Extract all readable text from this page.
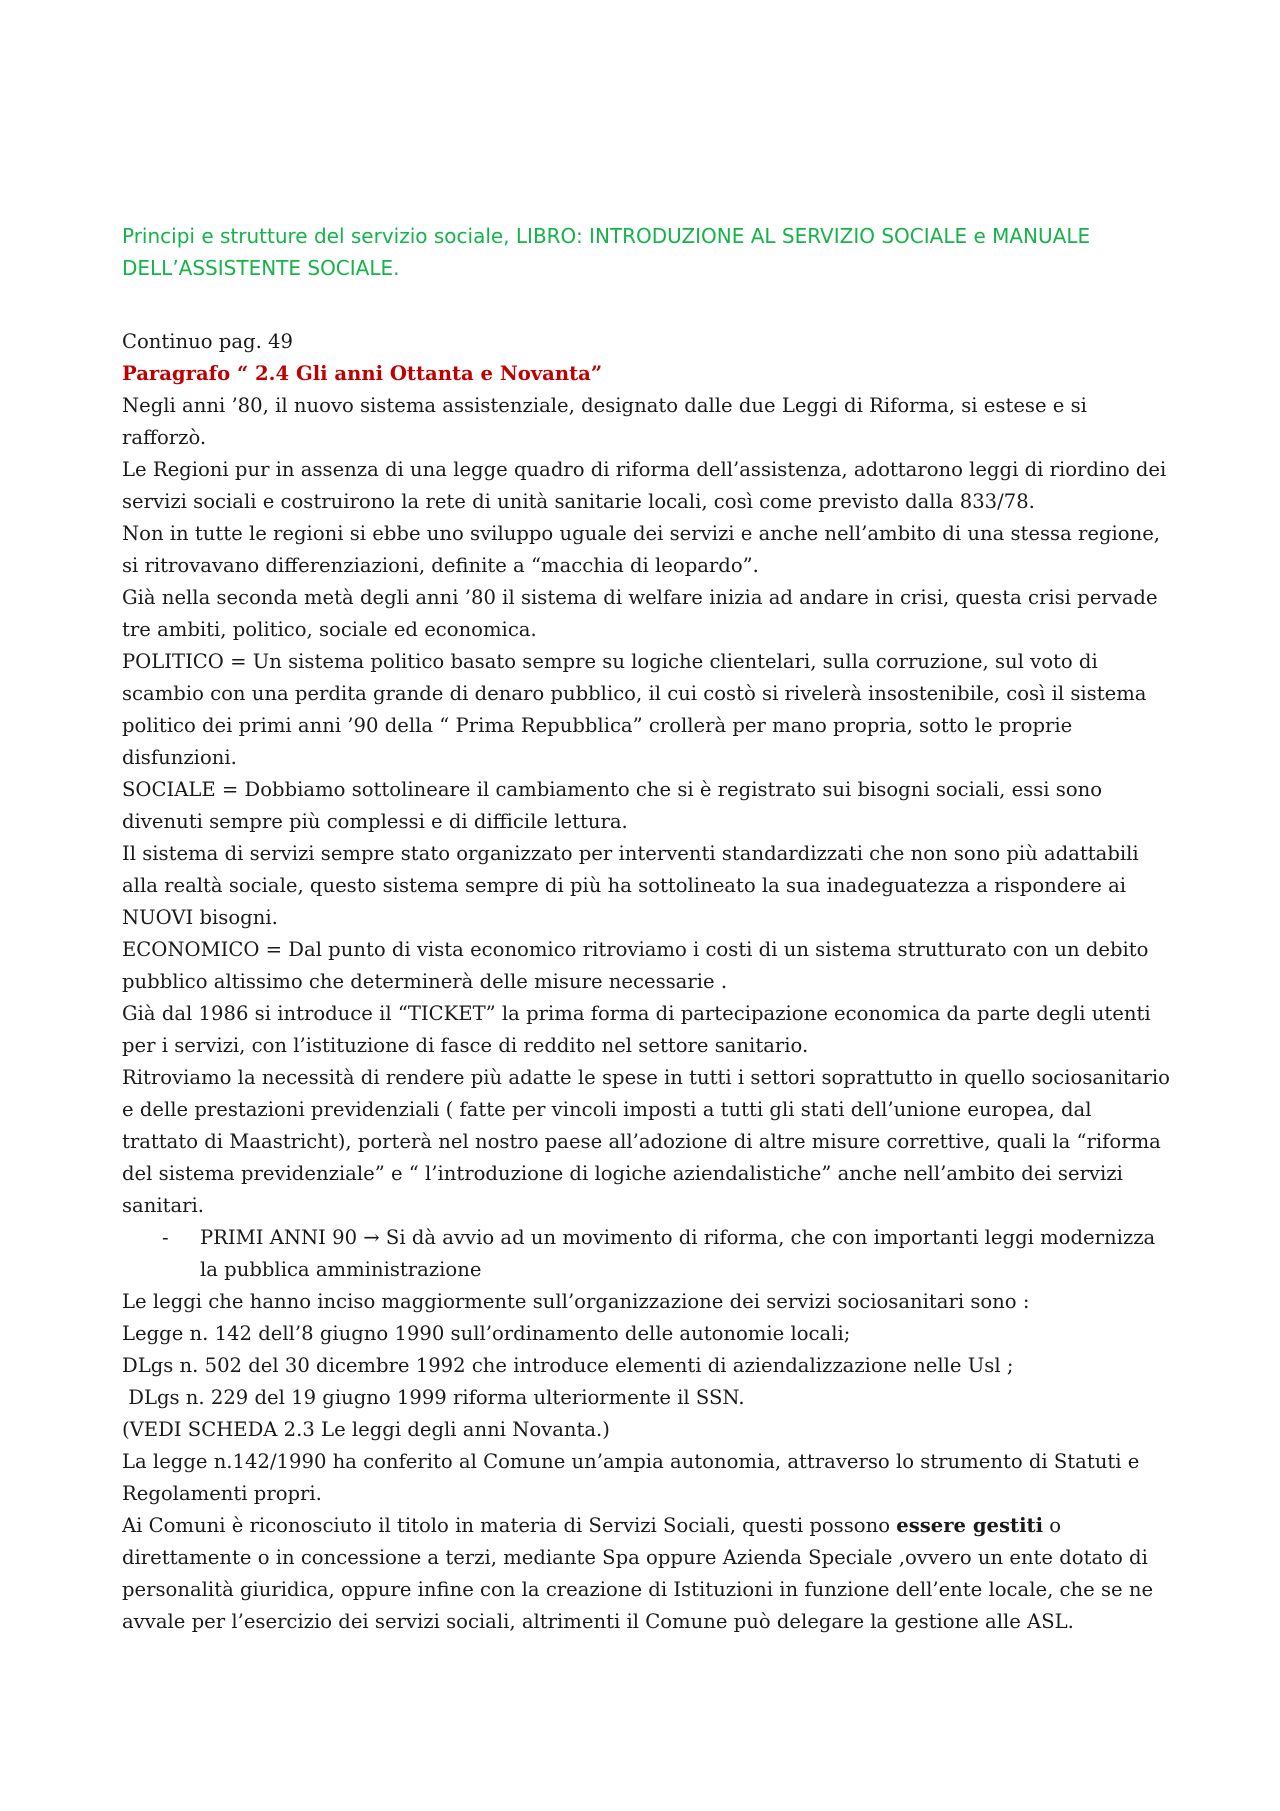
Principi e strutture del servizio sociale, LIBRO: INTRODUZIONE AL SERVIZIO SOCIALE e MANUALE DELL’ASSISTENTE SOCIALE.

Continuo pag. 49

Paragrafo “ 2.4 Gli anni Ottanta e Novanta”

Negli anni ’80, il nuovo sistema assistenziale, designato dalle due Leggi di Riforma, si estese e si rafforzò.

Le Regioni pur in assenza di una legge quadro di riforma dell’assistenza, adottarono leggi di riordino dei servizi sociali e costruirono la rete di unità sanitarie locali, così come previsto dalla 833/78.

Non in tutte le regioni si ebbe uno sviluppo uguale dei servizi e anche nell’ambito di una stessa regione, si ritrovavano differenziazioni, definite a “macchia di leopardo”.

Già nella seconda metà degli anni ’80 il sistema di welfare inizia ad andare in crisi, questa crisi pervade tre ambiti, politico, sociale ed economica.

POLITICO = Un sistema politico basato sempre su logiche clientelari, sulla corruzione, sul voto di scambio con una perdita grande di denaro pubblico, il cui costò si rivelerà insostenibile, così il sistema politico dei primi anni ’90 della “ Prima Repubblica” crollerà per mano propria, sotto le proprie disfunzioni.

SOCIALE = Dobbiamo sottolineare il cambiamento che si è registrato sui bisogni sociali, essi sono divenuti sempre più complessi e di difficile lettura.

Il sistema di servizi sempre stato organizzato per interventi standardizzati che non sono più adattabili alla realtà sociale, questo sistema sempre di più ha sottolineato la sua inadeguatezza a rispondere ai NUOVI bisogni.

ECONOMICO = Dal punto di vista economico ritroviamo i costi di un sistema strutturato con un debito pubblico altissimo che determinerà delle misure necessarie .

Già dal 1986 si introduce il “TICKET” la prima forma di partecipazione economica da parte degli utenti per i servizi, con l’istituzione di fasce di reddito nel settore sanitario.

Ritroviamo la necessità di rendere più adatte le spese in tutti i settori soprattutto in quello sociosanitario e delle prestazioni previdenziali ( fatte per vincoli imposti a tutti gli stati dell’unione europea, dal trattato di Maastricht), porterà nel nostro paese all’adozione di altre misure correttive, quali la “riforma del sistema previdenziale” e “ l’introduzione di logiche aziendalistiche” anche nell’ambito dei servizi sanitari.

- PRIMI ANNI 90 → Si dà avvio ad un movimento di riforma, che con importanti leggi modernizza la pubblica amministrazione

Le leggi che hanno inciso maggiormente sull’organizzazione dei servizi sociosanitari sono :

Legge n. 142 dell’8 giugno 1990 sull’ordinamento delle autonomie locali;

DLgs n. 502 del 30 dicembre 1992 che introduce elementi di aziendalizzazione nelle Usl ;

DLgs n. 229 del 19 giugno 1999 riforma ulteriormente il SSN.

(VEDI SCHEDA 2.3 Le leggi degli anni Novanta.)

La legge n.142/1990 ha conferito al Comune un’ampia autonomia, attraverso lo strumento di Statuti e Regolamenti propri.

Ai Comuni è riconosciuto il titolo in materia di Servizi Sociali, questi possono essere gestiti o direttamente o in concessione a terzi, mediante Spa oppure Azienda Speciale ,ovvero un ente dotato di personalità giuridica, oppure infine con la creazione di Istituzioni in funzione dell’ente locale, che se ne avvale per l’esercizio dei servizi sociali, altrimenti il Comune può delegare la gestione alle ASL.
